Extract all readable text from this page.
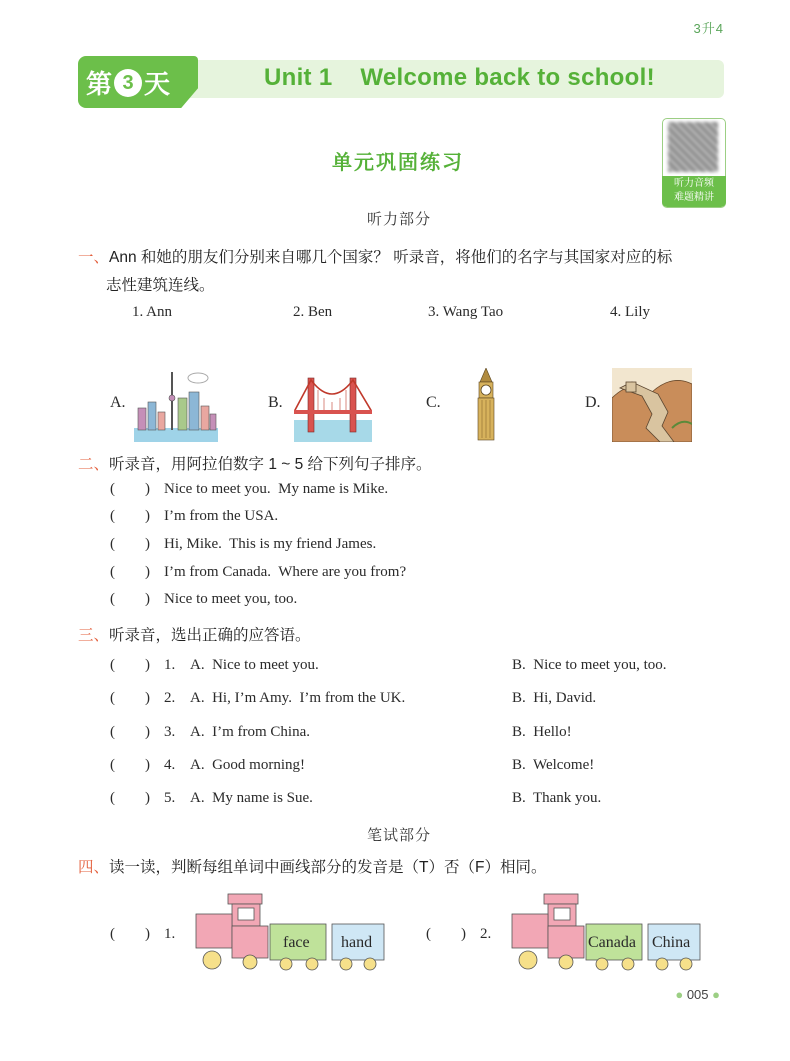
3升4
第 3 天	Unit 1    Welcome back to school!
单元巩固练习
听力音频
难题精讲
听力部分
一、Ann 和她的朋友们分别来自哪几个国家？ 听录音，将他们的名字与其国家对应的标
志性建筑连线。
1. Ann	2. Ben	3. Wang Tao	4. Lily
A.	B.	C.	D.
二、听录音，用阿拉伯数字 1 ~ 5 给下列句子排序。
(        ) Nice to meet you.  My name is Mike.
(        ) I’m from the USA.
(        ) Hi, Mike.  This is my friend James.
(        ) I’m from Canada.  Where are you from?
(        ) Nice to meet you, too.
三、听录音，选出正确的应答语。
(        ) 1. A.  Nice to meet you.	B.  Nice to meet you, too.
(        ) 2. A.  Hi, I’m Amy.  I’m from the UK.	B.  Hi, David.
(        ) 3. A.  I’m from China.	B.  Hello!
(        ) 4. A.  Good morning!	B.  Welcome!
(        ) 5. A.  My name is Sue.	B.  Thank you.
笔试部分
四、读一读，判断每组单词中画线部分的发音是（T）否（F）相同。
(        ) 1.	face hand	(        ) 2.	Canada China
● 005 ●
